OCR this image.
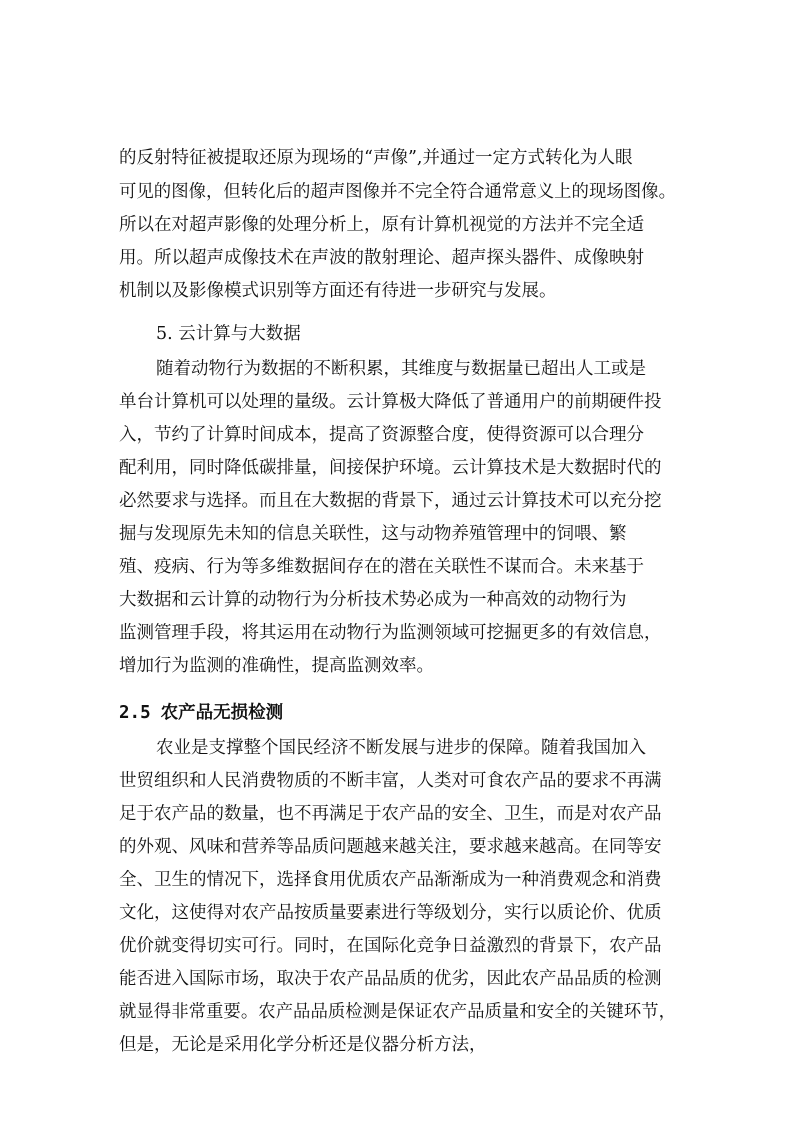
的反射特征被提取还原为现场的“声像”,并通过一定方式转化为人眼
可见的图像，但转化后的超声图像并不完全符合通常意义上的现场图像。
所以在对超声影像的处理分析上，原有计算机视觉的方法并不完全适
用。所以超声成像技术在声波的散射理论、超声探头器件、成像映射
机制以及影像模式识别等方面还有待进一步研究与发展。
5. 云计算与大数据
随着动物行为数据的不断积累，其维度与数据量已超出人工或是
单台计算机可以处理的量级。云计算极大降低了普通用户的前期硬件投
入，节约了计算时间成本，提高了资源整合度，使得资源可以合理分
配利用，同时降低碳排量，间接保护环境。云计算技术是大数据时代的
必然要求与选择。而且在大数据的背景下，通过云计算技术可以充分挖
掘与发现原先未知的信息关联性，这与动物养殖管理中的饲喂、繁
殖、疫病、行为等多维数据间存在的潜在关联性不谋而合。未来基于
大数据和云计算的动物行为分析技术势必成为一种高效的动物行为
监测管理手段，将其运用在动物行为监测领域可挖掘更多的有效信息，
增加行为监测的准确性，提高监测效率。
2.5 农产品无损检测
农业是支撑整个国民经济不断发展与进步的保障。随着我国加入
世贸组织和人民消费物质的不断丰富，人类对可食农产品的要求不再满
足于农产品的数量，也不再满足于农产品的安全、卫生，而是对农产品
的外观、风味和营养等品质问题越来越关注，要求越来越高。在同等安
全、卫生的情况下，选择食用优质农产品渐渐成为一种消费观念和消费
文化，这使得对农产品按质量要素进行等级划分，实行以质论价、优质
优价就变得切实可行。同时，在国际化竞争日益激烈的背景下，农产品
能否进入国际市场，取决于农产品品质的优劣，因此农产品品质的检测
就显得非常重要。农产品品质检测是保证农产品质量和安全的关键环节，
但是，无论是采用化学分析还是仪器分析方法，
